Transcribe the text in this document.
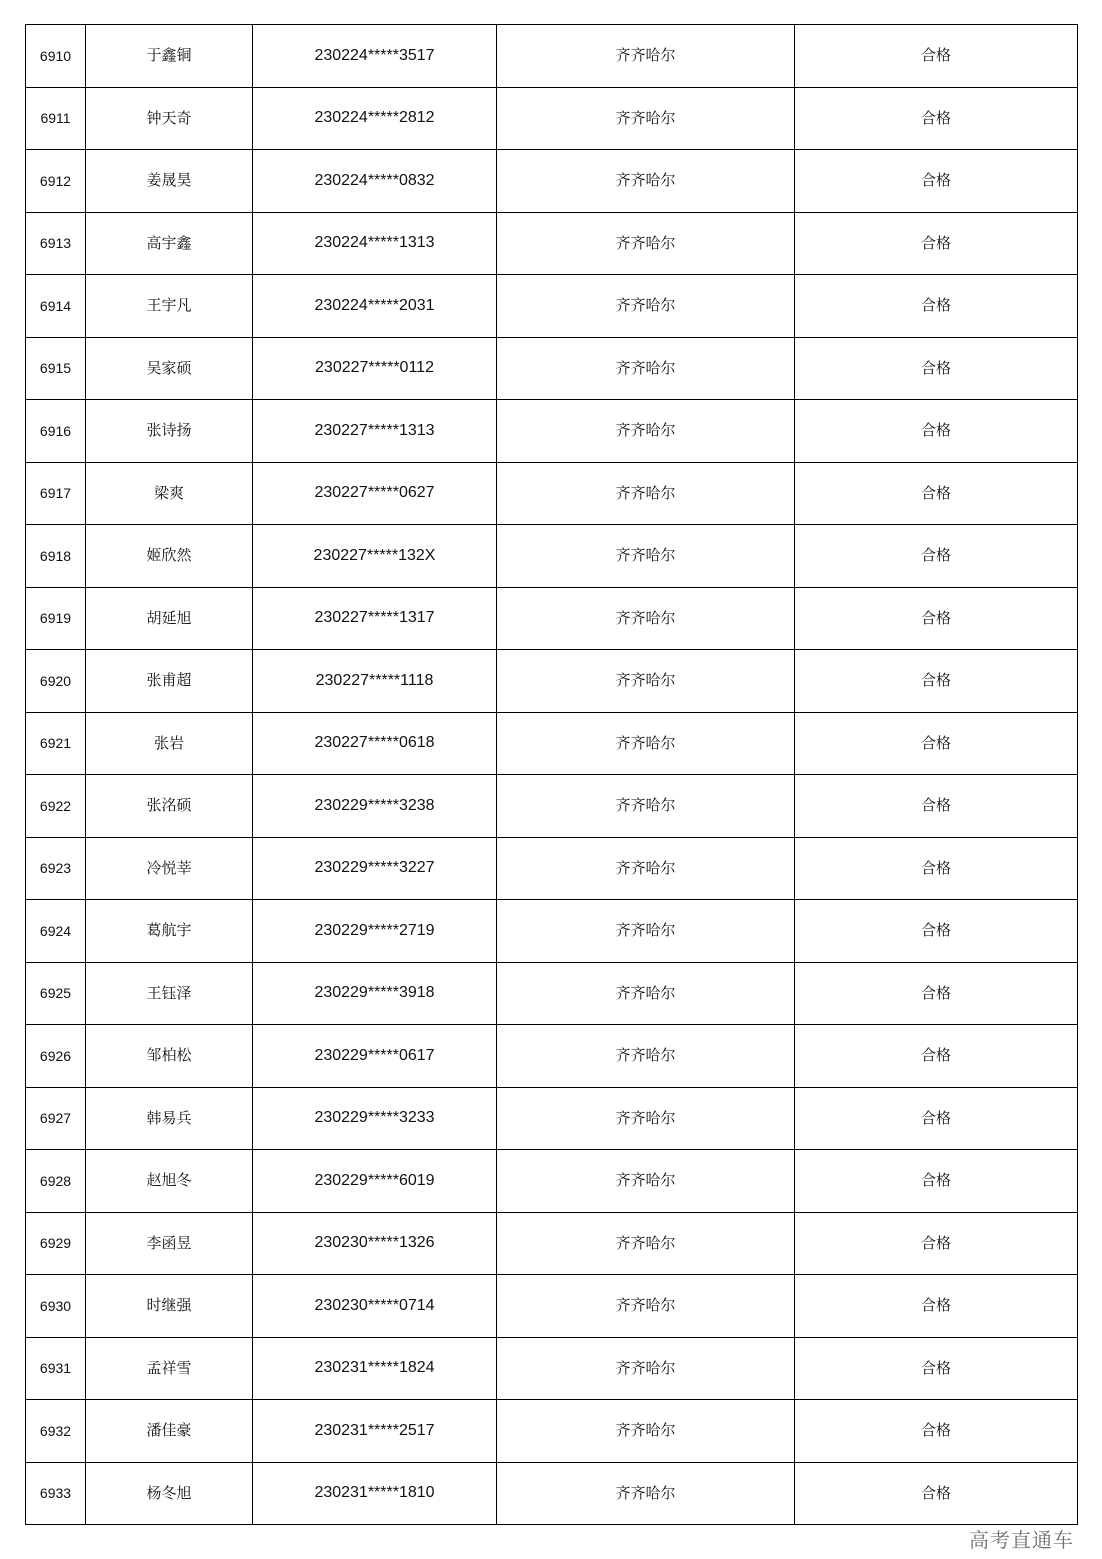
6910	于鑫铜	230224*****3517	齐齐哈尔	合格
6911	钟天奇	230224*****2812	齐齐哈尔	合格
6912	姜晟昊	230224*****0832	齐齐哈尔	合格
6913	高宇鑫	230224*****1313	齐齐哈尔	合格
6914	王宇凡	230224*****2031	齐齐哈尔	合格
6915	吴家硕	230227*****0112	齐齐哈尔	合格
6916	张诗扬	230227*****1313	齐齐哈尔	合格
6917	梁爽	230227*****0627	齐齐哈尔	合格
6918	姬欣然	230227*****132X	齐齐哈尔	合格
6919	胡延旭	230227*****1317	齐齐哈尔	合格
6920	张甫超	230227*****1118	齐齐哈尔	合格
6921	张岩	230227*****0618	齐齐哈尔	合格
6922	张洺硕	230229*****3238	齐齐哈尔	合格
6923	冷悦莘	230229*****3227	齐齐哈尔	合格
6924	葛航宇	230229*****2719	齐齐哈尔	合格
6925	王钰泽	230229*****3918	齐齐哈尔	合格
6926	邹柏松	230229*****0617	齐齐哈尔	合格
6927	韩易兵	230229*****3233	齐齐哈尔	合格
6928	赵旭冬	230229*****6019	齐齐哈尔	合格
6929	李函昱	230230*****1326	齐齐哈尔	合格
6930	时继强	230230*****0714	齐齐哈尔	合格
6931	孟祥雪	230231*****1824	齐齐哈尔	合格
6932	潘佳豪	230231*****2517	齐齐哈尔	合格
6933	杨冬旭	230231*****1810	齐齐哈尔	合格
高考直通车
